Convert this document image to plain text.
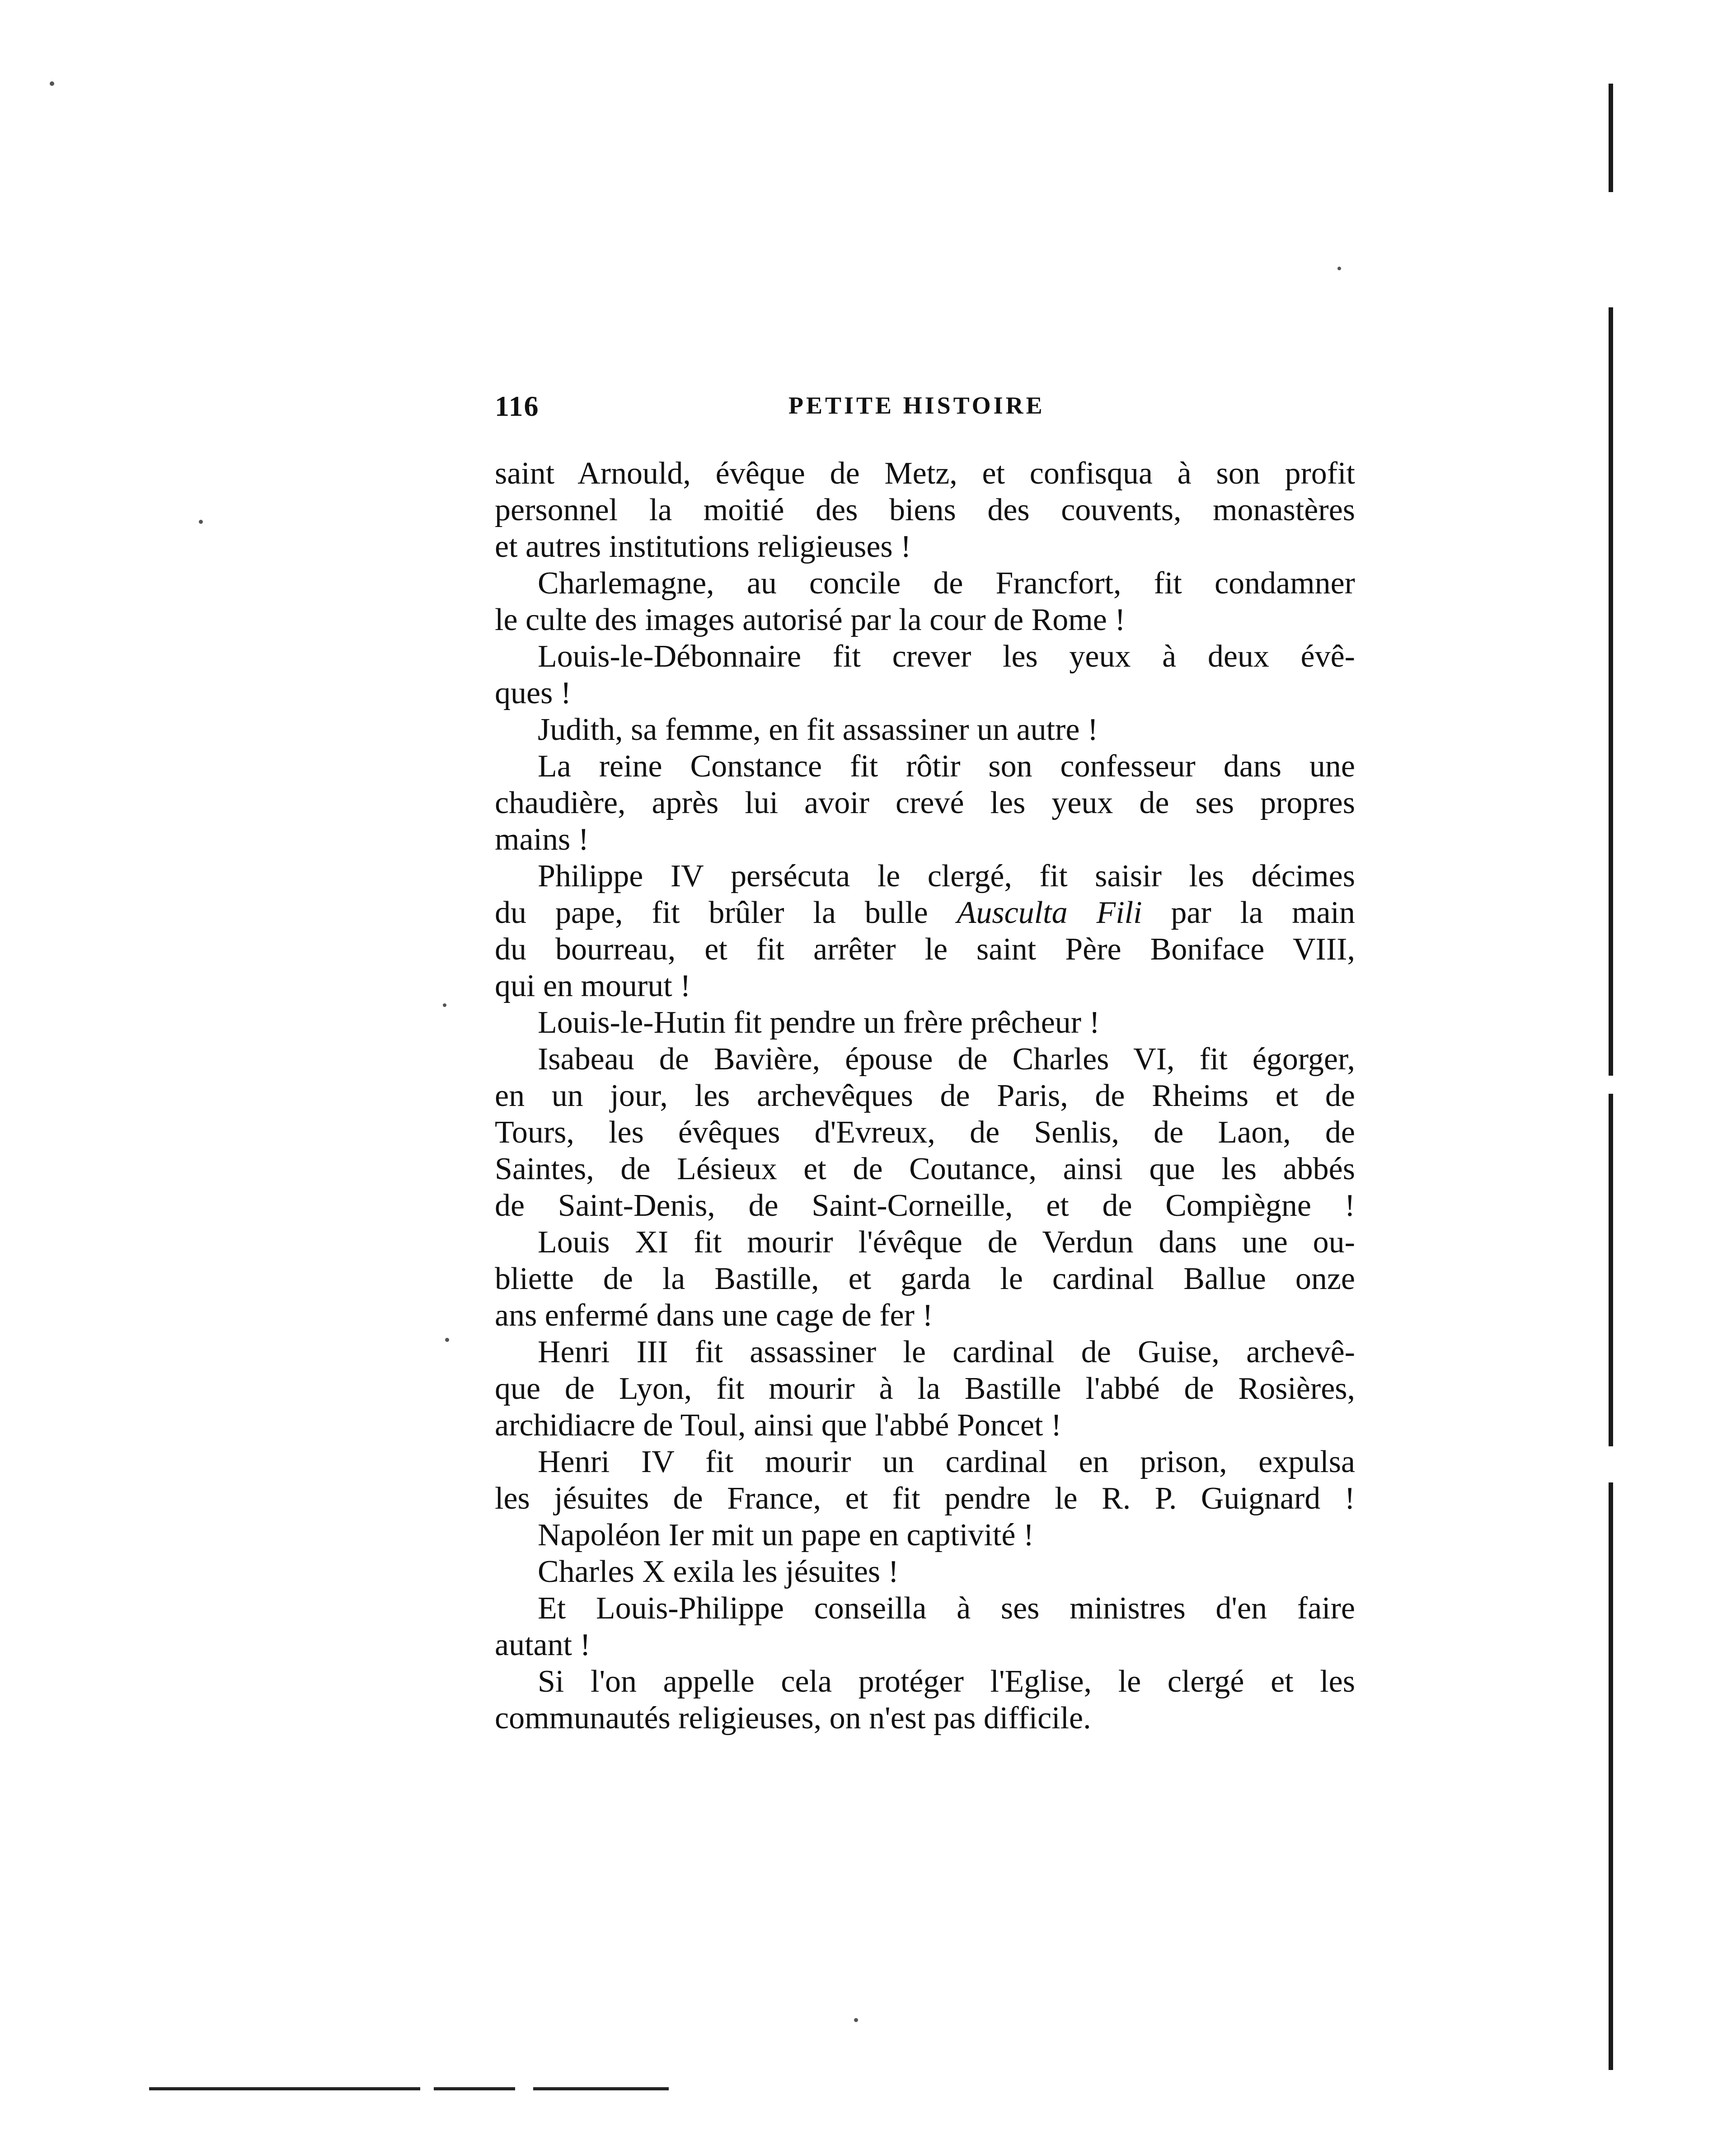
116	PETITE HISTOIRE
saint Arnould, évêque de Metz, et confisqua à son profit
personnel la moitié des biens des couvents, monastères
et autres institutions religieuses !
Charlemagne, au concile de Francfort, fit condamner
le culte des images autorisé par la cour de Rome !
Louis-le-Débonnaire fit crever les yeux à deux évê-
ques !
Judith, sa femme, en fit assassiner un autre !
La reine Constance fit rôtir son confesseur dans une
chaudière, après lui avoir crevé les yeux de ses propres
mains !
Philippe IV persécuta le clergé, fit saisir les décimes
du pape, fit brûler la bulle Ausculta Fili par la main
du bourreau, et fit arrêter le saint Père Boniface VIII,
qui en mourut !
Louis-le-Hutin fit pendre un frère prêcheur !
Isabeau de Bavière, épouse de Charles VI, fit égorger,
en un jour, les archevêques de Paris, de Rheims et de
Tours, les évêques d'Evreux, de Senlis, de Laon, de
Saintes, de Lésieux et de Coutance, ainsi que les abbés
de Saint-Denis, de Saint-Corneille, et de Compiègne !
Louis XI fit mourir l'évêque de Verdun dans une ou-
bliette de la Bastille, et garda le cardinal Ballue onze
ans enfermé dans une cage de fer !
Henri III fit assassiner le cardinal de Guise, archevê-
que de Lyon, fit mourir à la Bastille l'abbé de Rosières,
archidiacre de Toul, ainsi que l'abbé Poncet !
Henri IV fit mourir un cardinal en prison, expulsa
les jésuites de France, et fit pendre le R. P. Guignard !
Napoléon Ier mit un pape en captivité !
Charles X exila les jésuites !
Et Louis-Philippe conseilla à ses ministres d'en faire
autant !
Si l'on appelle cela protéger l'Eglise, le clergé et les
communautés religieuses, on n'est pas difficile.
